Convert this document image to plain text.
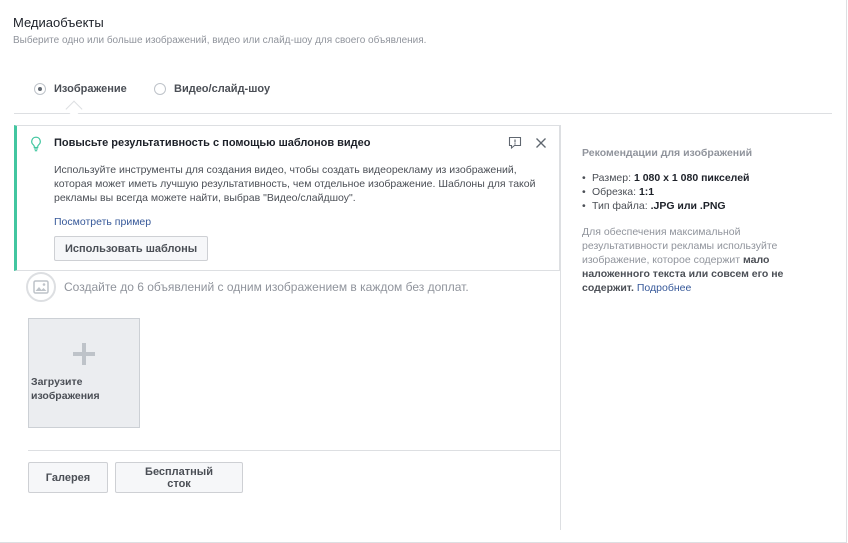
Медиаобъекты
Выберите одно или больше изображений, видео или слайд-шоу для своего объявления.
Изображение	Видео/слайд-шоу
Повысьте результативность с помощью шаблонов видео
Используйте инструменты для создания видео, чтобы создать видеорекламу из изображений, которая может иметь лучшую результативность, чем отдельное изображение. Шаблоны для такой рекламы вы всегда можете найти, выбрав "Видео/слайдшоу".
Посмотреть пример
Использовать шаблоны
Создайте до 6 объявлений с одним изображением в каждом без доплат.
Загрузите изображения
Галерея	Бесплатный сток
Рекомендации для изображений
• Размер: 1 080 x 1 080 пикселей
• Обрезка: 1:1
• Тип файла: .JPG или .PNG
Для обеспечения максимальной результативности рекламы используйте изображение, которое содержит мало наложенного текста или совсем его не содержит. Подробнее
